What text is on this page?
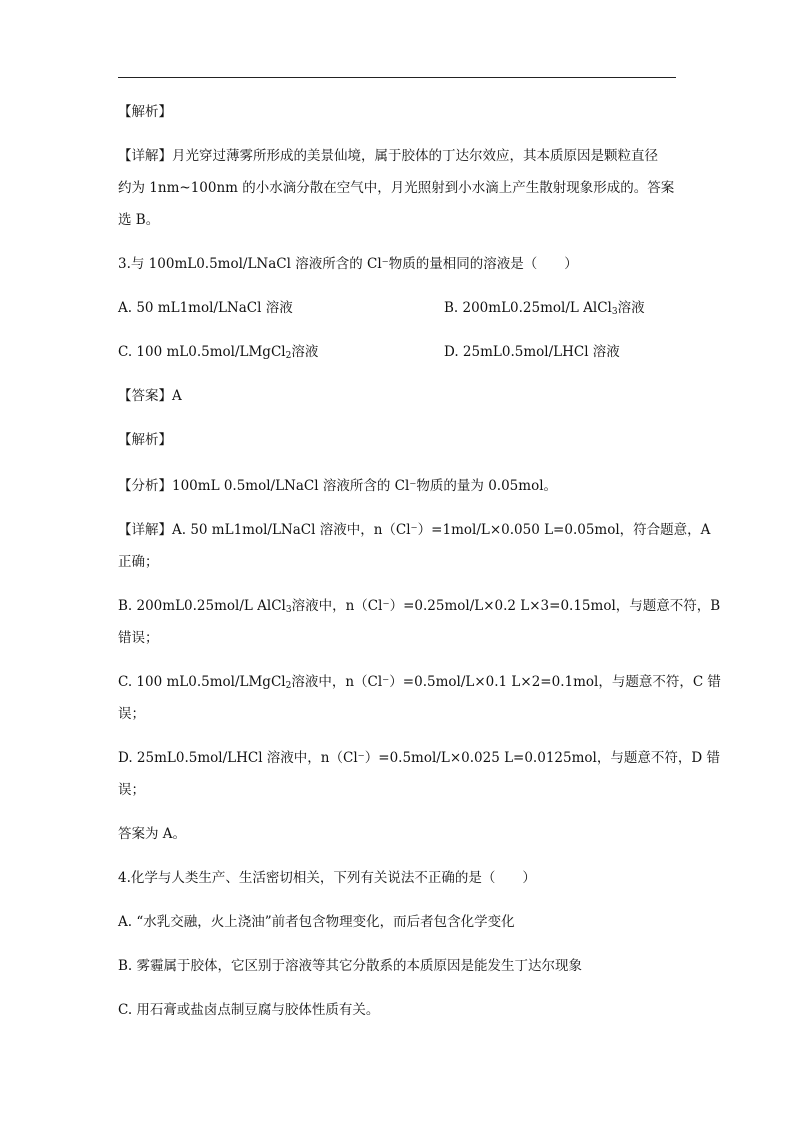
【解析】
【详解】月光穿过薄雾所形成的美景仙境，属于胶体的丁达尔效应，其本质原因是颗粒直径
约为 1nm~100nm 的小水滴分散在空气中，月光照射到小水滴上产生散射现象形成的。答案
选 B。
3.与 100mL0.5mol/LNaCl 溶液所含的 Cl⁻物质的量相同的溶液是（　　）
A. 50 mL1mol/LNaCl 溶液	B. 200mL0.25mol/L AlCl$_3$溶液
C. 100 mL0.5mol/LMgCl$_2$溶液	D. 25mL0.5mol/LHCl 溶液
【答案】A
【解析】
【分析】100mL 0.5mol/LNaCl 溶液所含的 Cl⁻物质的量为 0.05mol。
【详解】A. 50 mL1mol/LNaCl 溶液中，n（Cl⁻）=1mol/L×0.050 L=0.05mol，符合题意，A
正确；
B. 200mL0.25mol/L AlCl$_3$溶液中，n（Cl⁻）=0.25mol/L×0.2 L×3=0.15mol，与题意不符，B
错误；
C. 100 mL0.5mol/LMgCl$_2$溶液中，n（Cl⁻）=0.5mol/L×0.1 L×2=0.1mol，与题意不符，C 错
误；
D. 25mL0.5mol/LHCl 溶液中，n（Cl⁻）=0.5mol/L×0.025 L=0.0125mol，与题意不符，D 错
误；
答案为 A。
4.化学与人类生产、生活密切相关，下列有关说法不正确的是（　　）
A. “水乳交融，火上浇油”前者包含物理变化，而后者包含化学变化
B. 雾霾属于胶体，它区别于溶液等其它分散系的本质原因是能发生丁达尔现象
C. 用石膏或盐卤点制豆腐与胶体性质有关。
